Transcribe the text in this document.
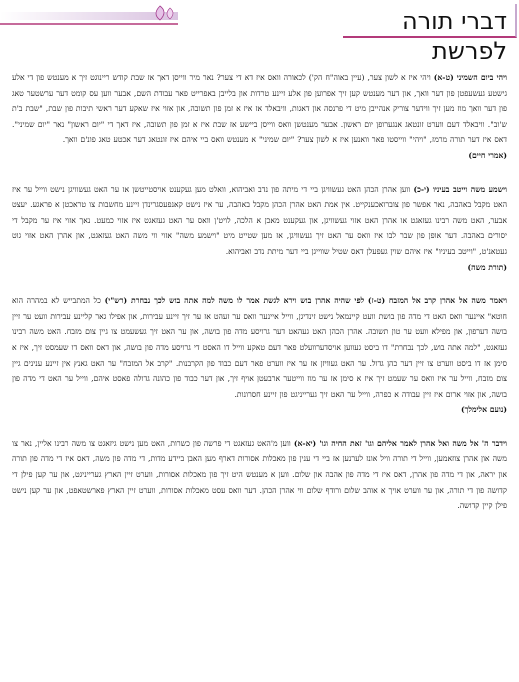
דברי תורה לפרשת

ויהי ביום השמיני (ט-א) ויהי איז א לשון צער, (עיין באוה"ח הק') לכאורה וואס איז דא די צער? נאר מיר ווייסן דאך אז שבת קודש ריינוגט זיך א מענטש פון די אלע גישטע געשעפטן פון דער וואך, און דער מענטש קען זיך אפרוען פון אלע זיינע טרדות און בלייבן באפרייט פאר עבודת השם, אבער ווען עס קומט דער ערשטער טאג פון דער וואך מוז מען זיך ווידער צוריק אנהייבן מיט די פרנסה און דאגות, וויבאלד אז איז א זמן פון תשובה, און אזוי איז שאקע דער ראשי תיבות פון שבת, "שבת ב'ת ש'וב". וויבאלד דעם ווערט זונטאג אנגערופן יום ראשון. אבער מענטשן וואס ווייסן ביישע אז שבת איז א זמן פון תשובה, איז דאך די "יום ראשון" נאר "יום שמיני". דאס איז דער תורה מרמז, "ויהי" ווייסטו פאר וואנען איז א לשון צער? "יום שמיני" א מענטש וואס ביי איהם איז זונטאג דער אכטע טאג פונ'ם וואך.

(אמרי חיים)

וישמע משה וייטב בעיניו (י-כ) ווען אהרן הכהן האט געשוויגן ביי די מיתה פון נדב ואביהוא, וואלט מען געקענט אויסטייטשן אז ער האט געשוויגן נישט ווייל ער איז האט מקבל באהבה, נאר אפשר פון צוברואכענקייט. אין אמת האט אהרן הכהן מקבל באהבה, ער איז נישט קאנפעסגרינדן זיינע מחשבות צו טראכטן א פראגע. יעצט אבער, האט משה רבינו געזאגט או אהרן האט אזוי געשוויגן, און געקענט מאכן א הלכה, לויט'ן וואס ער האט געזאגט איז אזוי כמעט. נאך אזוי איז ער מקבל די יסורים באהבה. דער אופן פון שבר לבו איז וואס ער האט זיך געשוויגן, אז מען שטייט מיט "וישמע משה" אזוי ווי משה האט געזאגט, און אהרן האט אזוי גוט געטאנ'ט, "וייטב בעיניו" איז איהם שוין געפעלן דאס שטיל שווייגן ביי דער מיתת נדב ואביהוא.

(תורת משה)

ויאמר משה אל אהרן קרב אל המזבח (ט-ז) לפי שהיה אהרן בוש וירא לגשת אמר לו משה למה אתה בוש לכך נבחרת (רש"י) כל המתבייש לא במהרה הוא חוטא" איינער וואס האט די מדה פון בושת וועט קיינמאל נישט זינדיגן, ווייל איינער וואס ער זעהט אז ער זיך זיינע עבירות, און אפילו גאר קליינע עבירות וועט ער זיין בושה דערפון, און מפילא וועט ער טון תשובה. אהרן הכהן האט געהאט דער גרויסע מדה פון בושה, און ער האט זיך געשעמט צו גיין צום מזבח. האט משה רבינו געזאגט, "למה אתה בוש, לכך נבחרת" דו ביסט געווען אויסדערוועלט פאר דעם טאקע ווייל דו האסט די גרויסע מדה פון בושה, און דאס וואס דו שעמסט זיך, איז א סימן אז דו ביסט ווערט צו זיין דער כהן גדול. ער האט געוויזן אז ער איז ווערט פאר דעם כבוד פון הקרבנות. "קרב אל המזבח" ער האט גאנץ אין זיינע ענינים גיין צום מזבח, ווייל ער איז וואס ער שעמט זיך איז א סימן אז ער מוז ווייטער ארבעטן אויף זיך, און דער כבוד פון כהונה גדולה פאסט איהם, ווייל ער האט די מדה פון בושה, און אזוי ארום איז זיין עבודה א כפרה, ווייל ער האט זיך גערייניגט פון זיינע חסרונות.

(נועם אלימלך)

וידבר ה' אל משה ואל אהרן לאמר אליהם וגו' זאת החיה וגו' (יא-א) ווען מ'האט געזאגט די פרשה פון כשרות, האט מען נישט גיזאגט צו משה רבינו אליין, נאר צו משה און אהרן צוזאמען, ווייל די תורה וויל אונז לערנען אז ביי די ענין פון מאכלות אסורות דארף מען האבן ביידע מדות, די מדה פון משה, דאס איז די מדה פון תורה און יראה, און די מדה פון אהרן, דאס איז די מדה פון אהבה און שלום. ווען א מענטש היט זיך פון מאכלות אסורות, ווערט זיין הארץ גערייניגט, און ער קען פילן די קדושה פון די תורה, און ער ווערט אויך א אוהב שלום ורודף שלום ווי אהרן הכהן. דער וואס עסט מאכלות אסורות, ווערט זיין הארץ פארשטאפט, און ער קען נישט פילן קיין קדושה.
